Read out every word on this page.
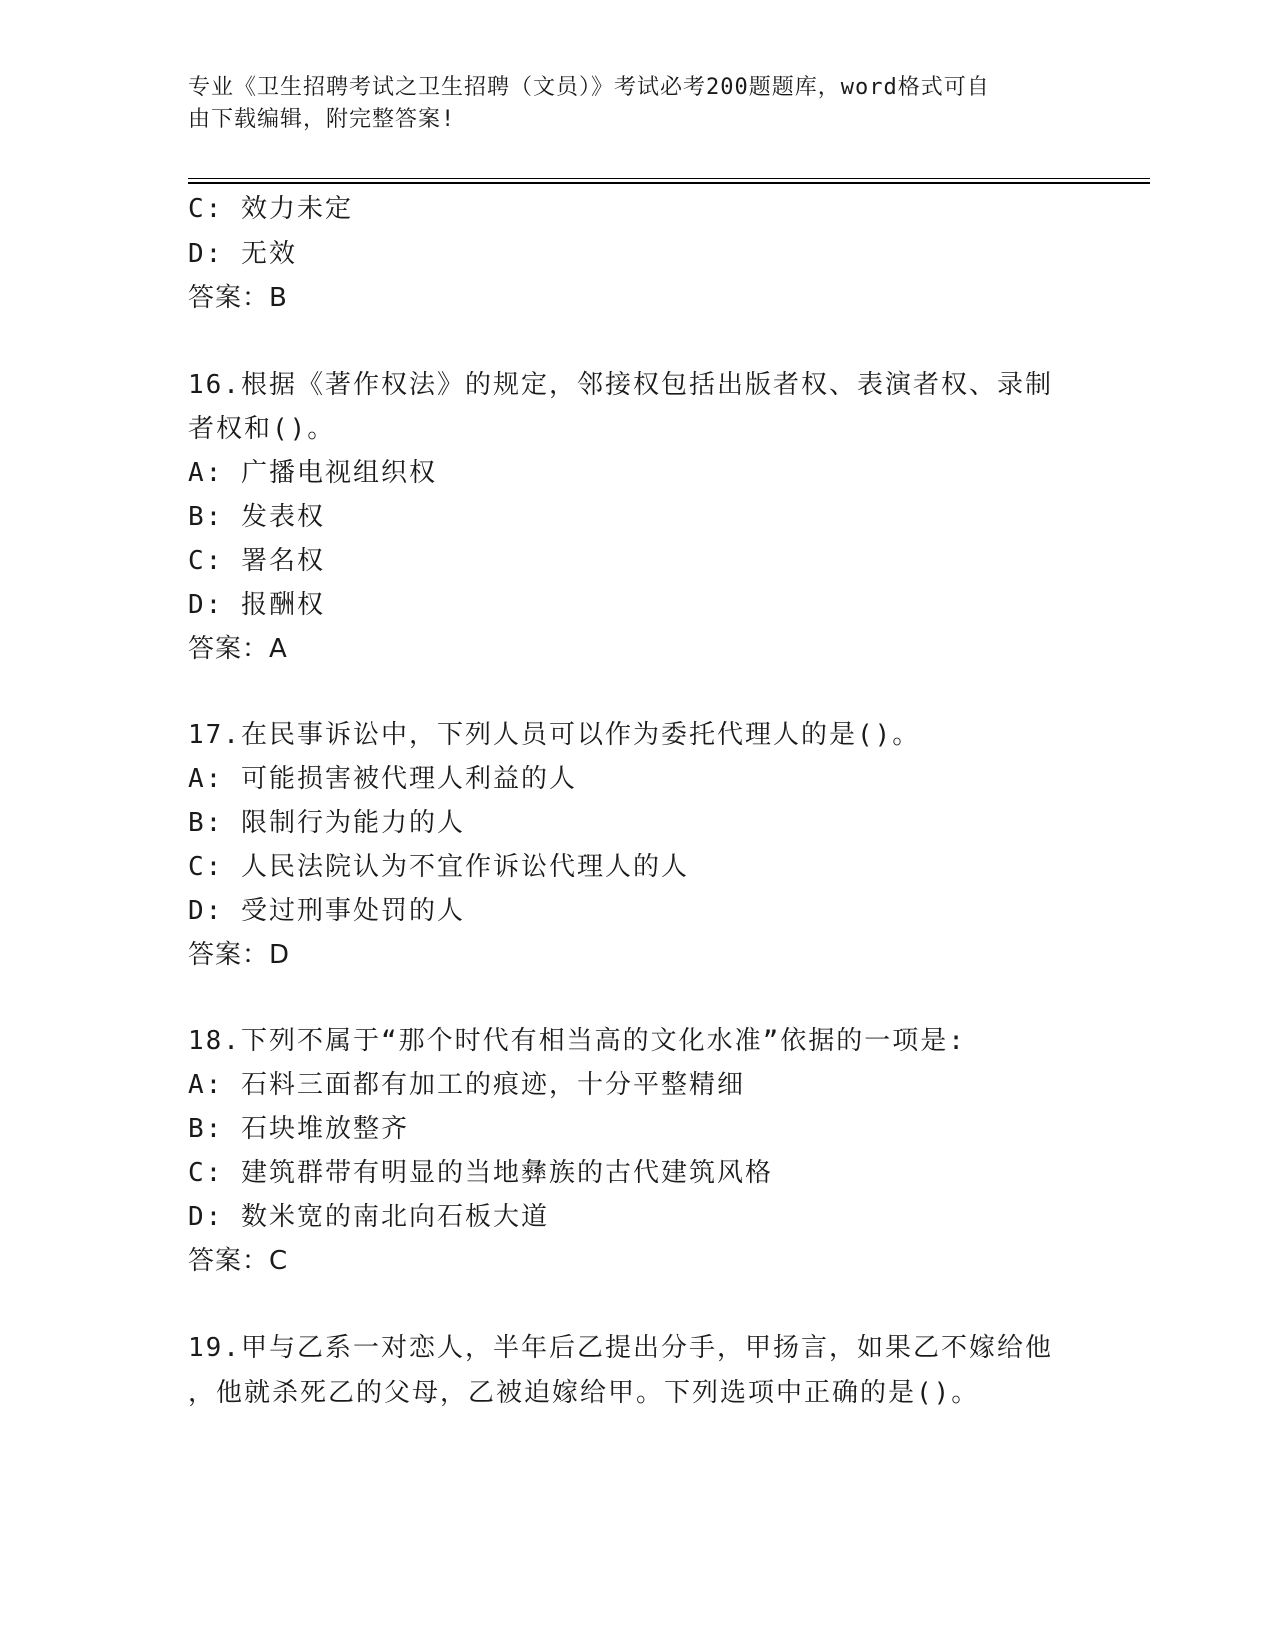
专业《卫生招聘考试之卫生招聘（文员）》考试必考200题题库，word格式可自
由下载编辑，附完整答案!
C: 效力未定
D: 无效
答案：B
16.根据《著作权法》的规定，邻接权包括出版者权、表演者权、录制
者权和()。
A: 广播电视组织权
B: 发表权
C: 署名权
D: 报酬权
答案：A
17.在民事诉讼中，下列人员可以作为委托代理人的是()。
A: 可能损害被代理人利益的人
B: 限制行为能力的人
C: 人民法院认为不宜作诉讼代理人的人
D: 受过刑事处罚的人
答案：D
18.下列不属于“那个时代有相当高的文化水准”依据的一项是:
A: 石料三面都有加工的痕迹，十分平整精细
B: 石块堆放整齐
C: 建筑群带有明显的当地彝族的古代建筑风格
D: 数米宽的南北向石板大道
答案：C
19.甲与乙系一对恋人，半年后乙提出分手，甲扬言，如果乙不嫁给他
，他就杀死乙的父母，乙被迫嫁给甲。下列选项中正确的是()。
